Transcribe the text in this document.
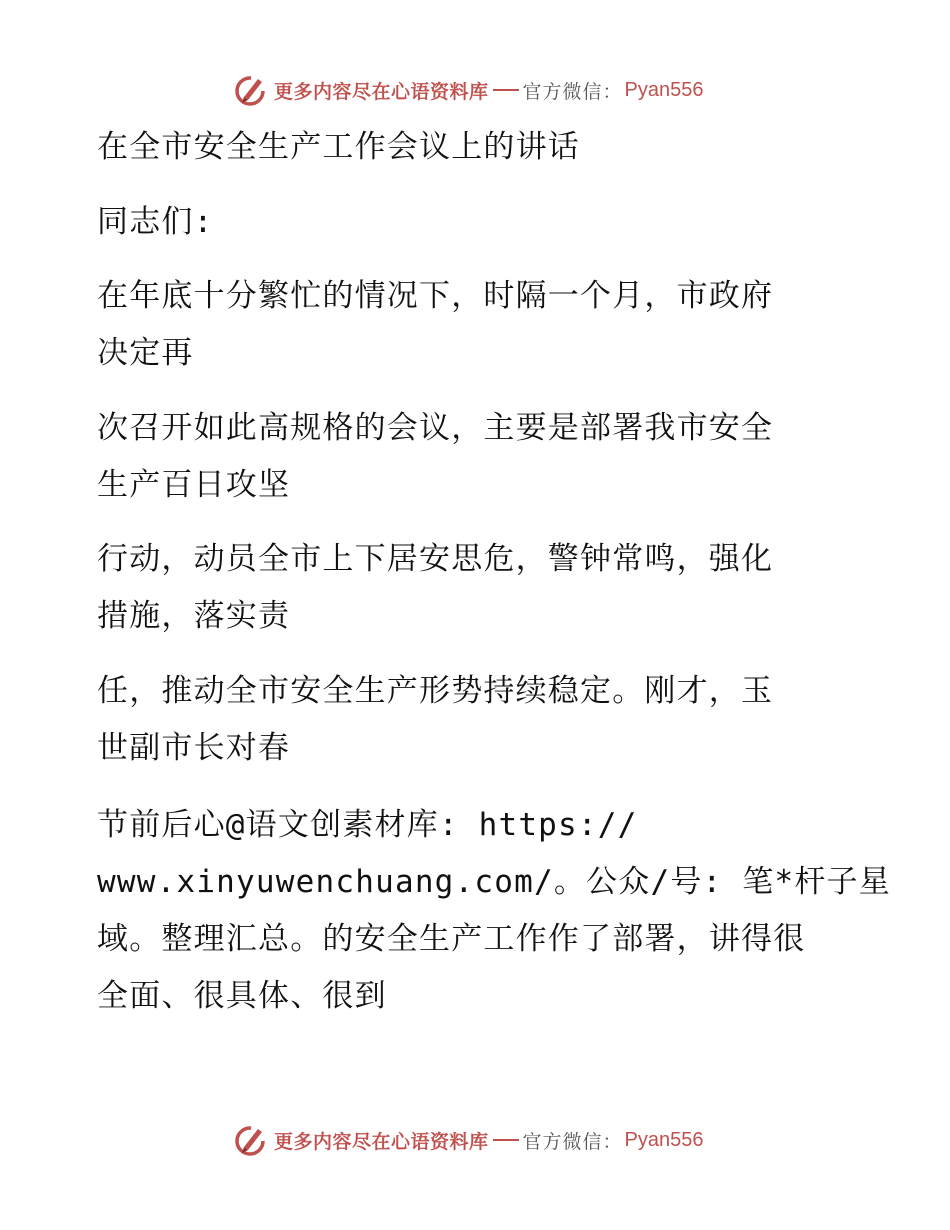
更多内容尽在心语资料库 官方微信： Pyan556
在全市安全生产工作会议上的讲话
同志们:
在年底十分繁忙的情况下，时隔一个月，市政府
决定再
次召开如此高规格的会议，主要是部署我市安全
生产百日攻坚
行动，动员全市上下居安思危，警钟常鸣，强化
措施，落实责
任，推动全市安全生产形势持续稳定。刚才，玉
世副市长对春
节前后心@语文创素材库: https://
www.xinyuwenchuang.com/。公众/号: 笔*杆子星
域。整理汇总。的安全生产工作作了部署，讲得很
全面、很具体、很到
更多内容尽在心语资料库 官方微信： Pyan556
